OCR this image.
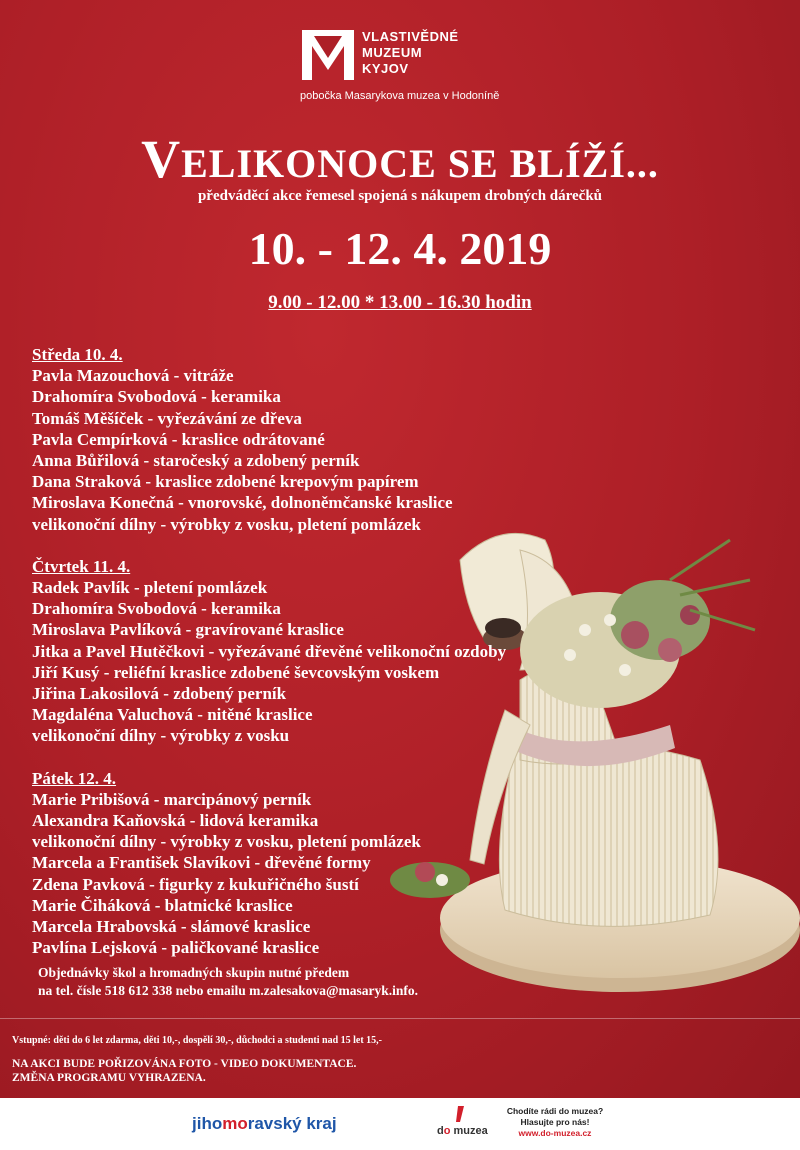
VLASTIVĚDNÉ
MUZEUM
KYJOV
pobočka Masarykova muzea v Hodoníně
VELIKONOCE SE BLÍŽÍ...
předváděcí akce řemesel spojená s nákupem drobných dárečků
10. - 12. 4. 2019
9.00 - 12.00 * 13.00 - 16.30 hodin
Středa 10. 4.
Pavla Mazouchová - vitráže
Drahomíra Svobodová - keramika
Tomáš Měšíček - vyřezávání ze dřeva
Pavla Cempírková - kraslice odrátované
Anna Bůřilová - staročeský a zdobený perník
Dana Straková - kraslice zdobené krepovým papírem
Miroslava Konečná - vnorovské, dolnoněmčanské kraslice
velikonoční dílny - výrobky z vosku, pletení pomlázek
Čtvrtek 11. 4.
Radek Pavlík - pletení pomlázek
Drahomíra Svobodová - keramika
Miroslava Pavlíková - gravírované kraslice
Jitka a Pavel Hutěčkovi - vyřezávané dřevěné velikonoční ozdoby
Jiří Kusý - reliéfní kraslice zdobené ševcovským voskem
Jiřina Lakosilová - zdobený perník
Magdaléna Valuchová - nitěné kraslice
velikonoční dílny - výrobky z vosku
Pátek 12. 4.
Marie Pribišová - marcipánový perník
Alexandra Kaňovská - lidová keramika
velikonoční dílny - výrobky z vosku, pletení pomlázek
Marcela a František Slavíkovi - dřevěné formy
Zdena Pavková - figurky z kukuřičného šustí
Marie Čiháková - blatnické kraslice
Marcela Hrabovská - slámové kraslice
Pavlína Lejsková - paličkované kraslice
Objednávky škol a hromadných skupin nutné předem
na tel. čísle 518 612 338 nebo emailu m.zalesakova@masaryk.info.
Vstupné: děti do 6 let zdarma, děti 10,-, dospělí 30,-, důchodci a studenti nad 15 let 15,-
NA AKCI BUDE POŘIZOVÁNA FOTO - VIDEO DOKUMENTACE.
ZMĚNA PROGRAMU VYHRAZENA.
jihomoravský kraj	do muzea
Chodíte rádi do muzea?
Hlasujte pro nás!
www.do-muzea.cz
